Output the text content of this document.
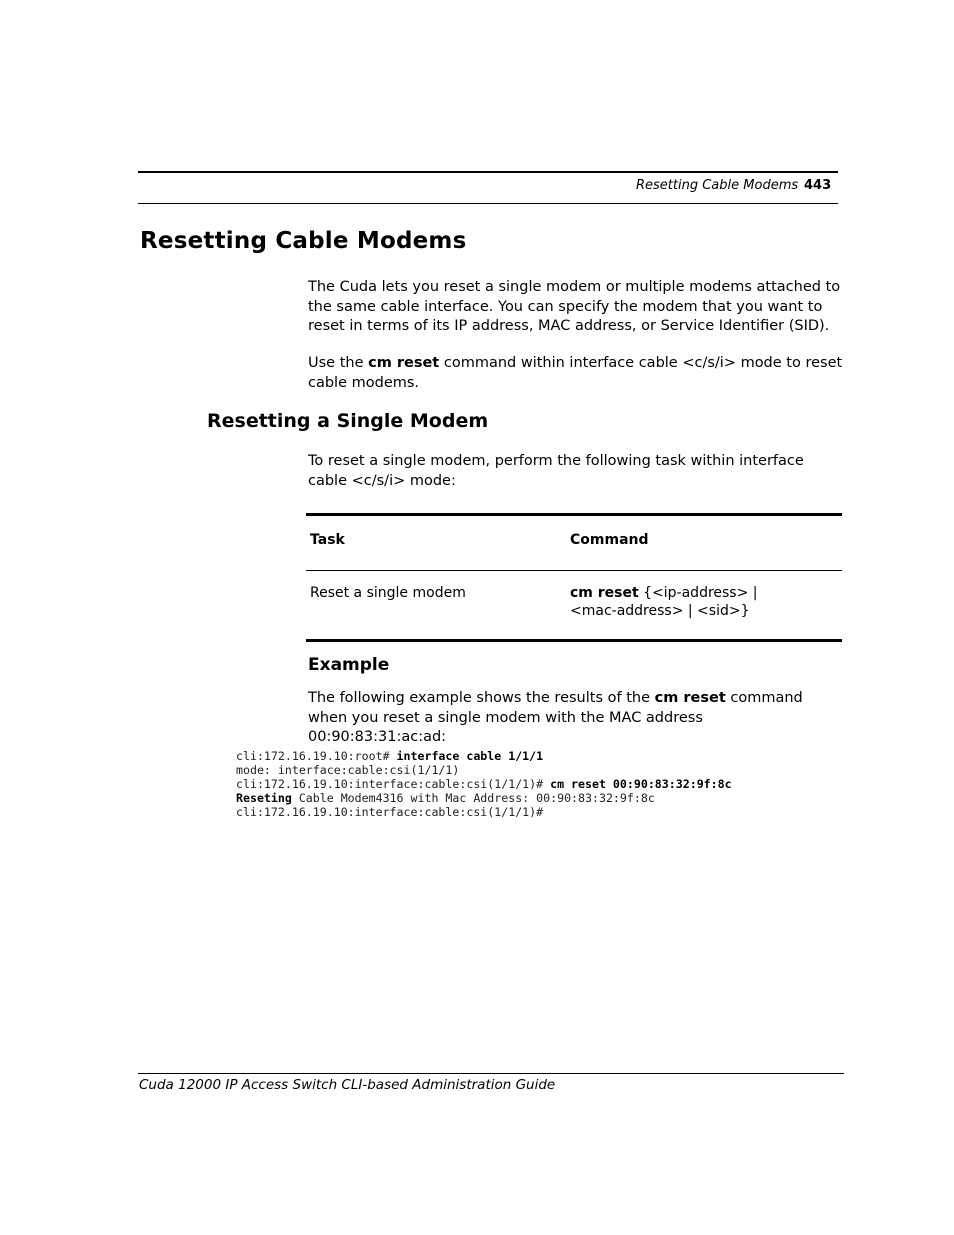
Resetting Cable Modems 443
Resetting Cable Modems

The Cuda lets you reset a single modem or multiple modems attached to the same cable interface. You can specify the modem that you want to reset in terms of its IP address, MAC address, or Service Identifier (SID).

Use the cm reset command within interface cable <c/s/i> mode to reset cable modems.

Resetting a Single Modem

To reset a single modem, perform the following task within interface cable <c/s/i> mode:

Task	Command
Reset a single modem	cm reset {<ip-address> |
<mac-address> | <sid>}
Example

The following example shows the results of the cm reset command when you reset a single modem with the MAC address 00:90:83:31:ac:ad:

cli:172.16.19.10:root# interface cable 1/1/1
mode: interface:cable:csi(1/1/1)
cli:172.16.19.10:interface:cable:csi(1/1/1)# cm reset 00:90:83:32:9f:8c
Reseting Cable Modem4316 with Mac Address: 00:90:83:32:9f:8c
cli:172.16.19.10:interface:cable:csi(1/1/1)#
Cuda 12000 IP Access Switch CLI-based Administration Guide
